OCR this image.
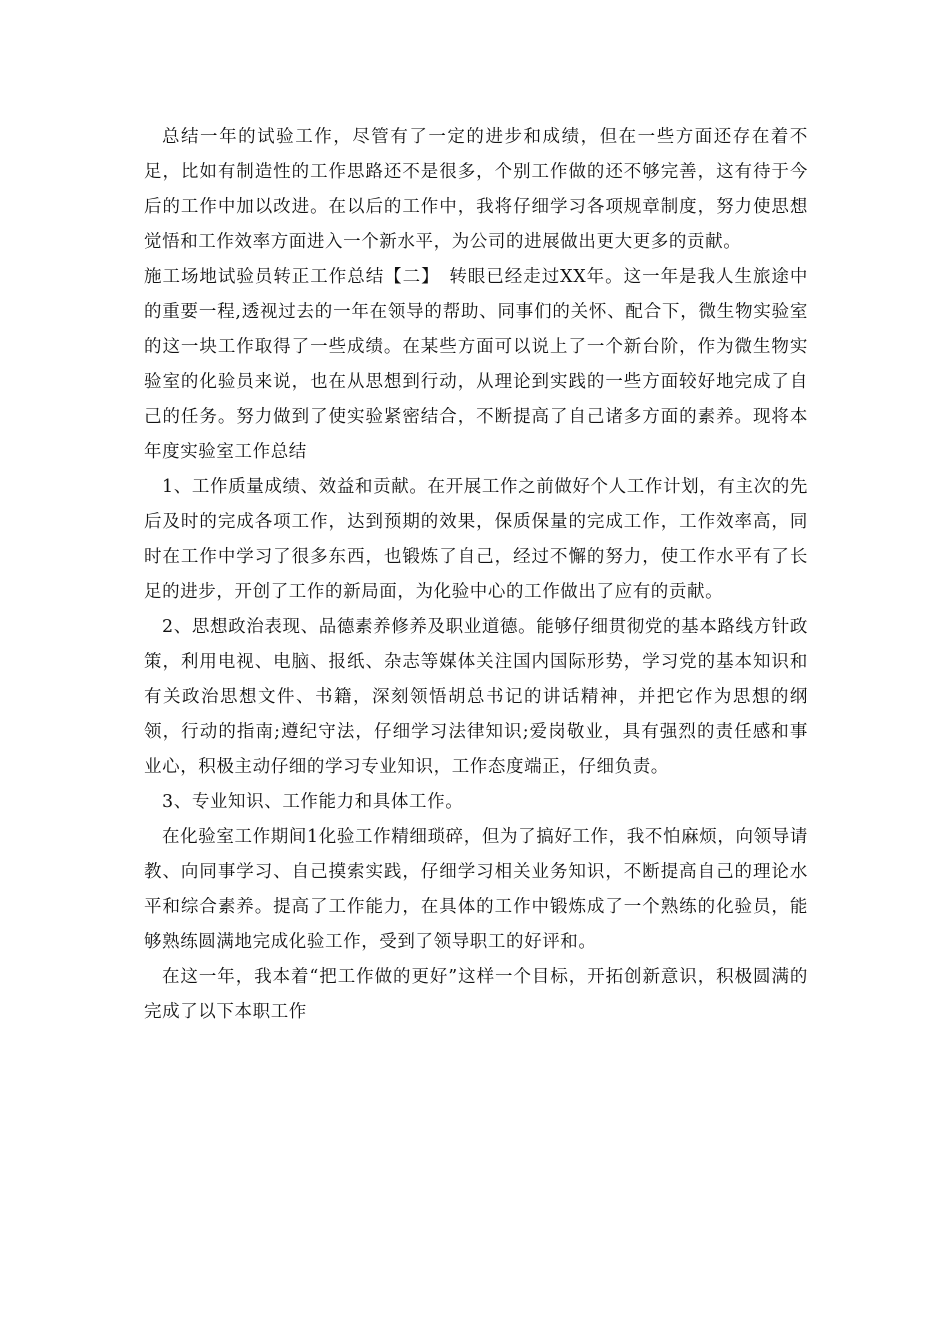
总结一年的试验工作，尽管有了一定的进步和成绩，但在一些方面还存在着不足，比如有制造性的工作思路还不是很多，个别工作做的还不够完善，这有待于今后的工作中加以改进。在以后的工作中，我将仔细学习各项规章制度，努力使思想觉悟和工作效率方面进入一个新水平，为公司的进展做出更大更多的贡献。

施工场地试验员转正工作总结【二】　转眼已经走过XX年。这一年是我人生旅途中的重要一程,透视过去的一年在领导的帮助、同事们的关怀、配合下，微生物实验室的这一块工作取得了一些成绩。在某些方面可以说上了一个新台阶，作为微生物实验室的化验员来说，也在从思想到行动，从理论到实践的一些方面较好地完成了自己的任务。努力做到了使实验紧密结合，不断提高了自己诸多方面的素养。现将本年度实验室工作总结

1、工作质量成绩、效益和贡献。在开展工作之前做好个人工作计划，有主次的先后及时的完成各项工作，达到预期的效果，保质保量的完成工作，工作效率高，同时在工作中学习了很多东西，也锻炼了自己，经过不懈的努力，使工作水平有了长足的进步，开创了工作的新局面，为化验中心的工作做出了应有的贡献。

2、思想政治表现、品德素养修养及职业道德。能够仔细贯彻党的基本路线方针政策，利用电视、电脑、报纸、杂志等媒体关注国内国际形势，学习党的基本知识和有关政治思想文件、书籍，深刻领悟胡总书记的讲话精神，并把它作为思想的纲领，行动的指南;遵纪守法，仔细学习法律知识;爱岗敬业，具有强烈的责任感和事业心，积极主动仔细的学习专业知识，工作态度端正，仔细负责。

3、专业知识、工作能力和具体工作。

在化验室工作期间1化验工作精细琐碎，但为了搞好工作，我不怕麻烦，向领导请教、向同事学习、自己摸索实践，仔细学习相关业务知识，不断提高自己的理论水平和综合素养。提高了工作能力，在具体的工作中锻炼成了一个熟练的化验员，能够熟练圆满地完成化验工作，受到了领导职工的好评和。

在这一年，我本着“把工作做的更好”这样一个目标，开拓创新意识，积极圆满的完成了以下本职工作
